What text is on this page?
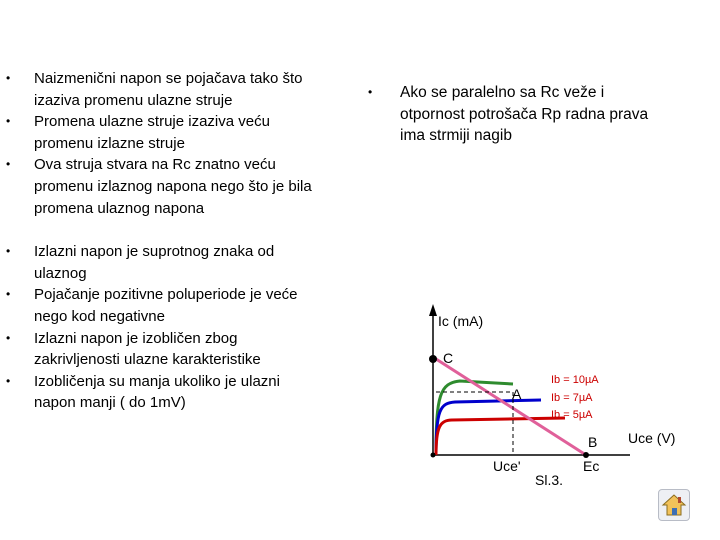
• Naizmenični napon se pojačava tako što izaziva promenu ulazne struje
• Promena ulazne struje izaziva veću promenu izlazne struje
• Ova struja stvara na Rc znatno veću promenu izlaznog napona nego što je bila promena ulaznog napona
• Izlazni napon je suprotnog znaka od ulaznog
• Pojačanje pozitivne poluperiode je veće nego kod negativne
• Izlazni napon je izobličen zbog zakrivljenosti ulazne karakteristike
• Izobličenja su manja ukoliko je ulazni napon manji ( do 1mV)
• Ako se paralelno sa Rc veže i otpornost potrošača Rp radna prava ima strmiji nagib
Ic (mA)
C
A
B Uce (V)
Uce'	Ec
Sl.3.
Ib = 10µA
Ib = 7µA
Ib = 5µA
